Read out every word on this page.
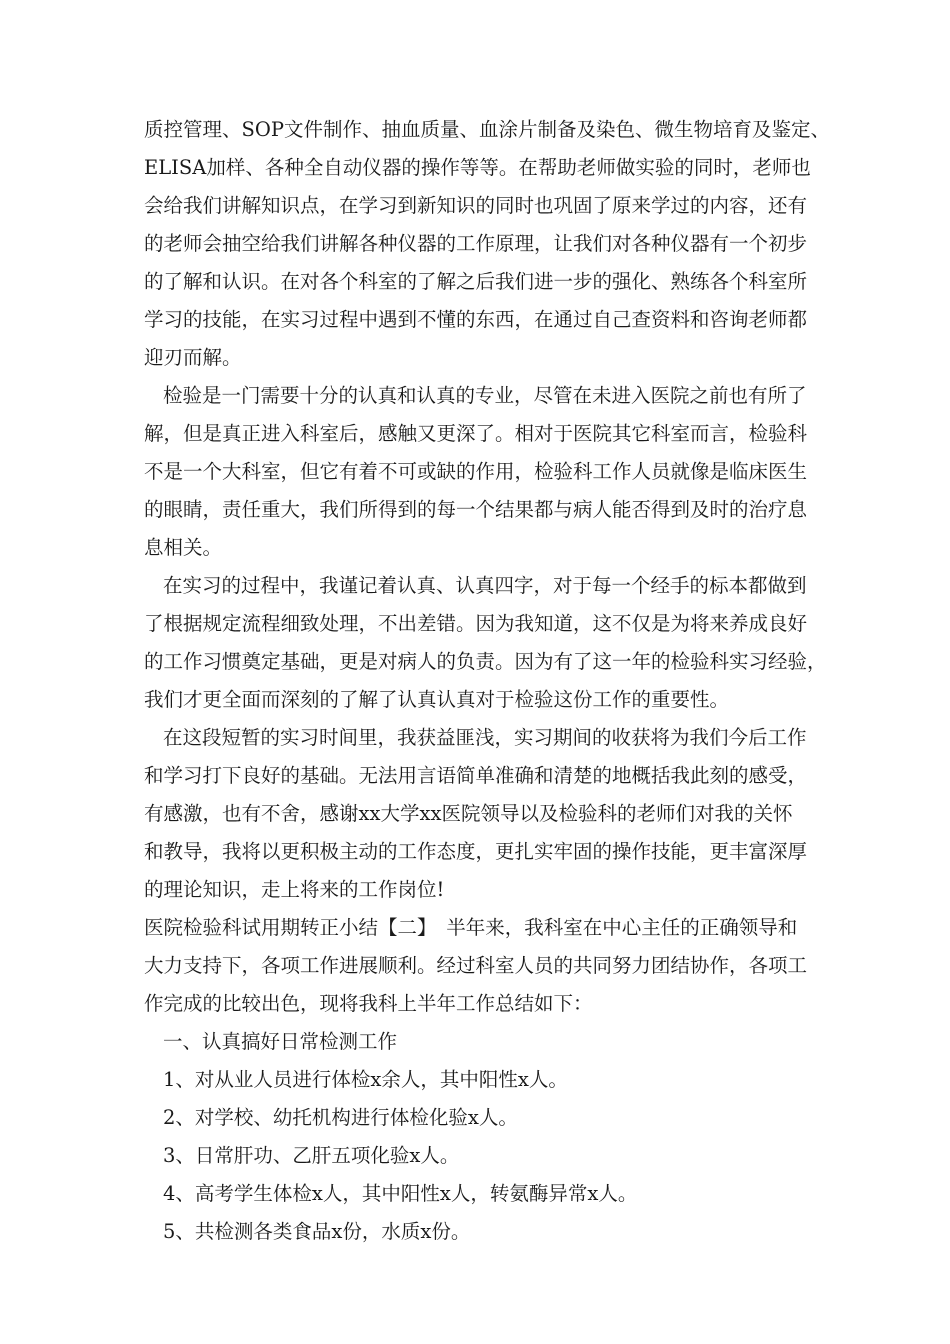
质控管理、SOP文件制作、抽血质量、血涂片制备及染色、微生物培育及鉴定、
ELISA加样、各种全自动仪器的操作等等。在帮助老师做实验的同时，老师也
会给我们讲解知识点，在学习到新知识的同时也巩固了原来学过的内容，还有
的老师会抽空给我们讲解各种仪器的工作原理，让我们对各种仪器有一个初步
的了解和认识。在对各个科室的了解之后我们进一步的强化、熟练各个科室所
学习的技能，在实习过程中遇到不懂的东西，在通过自己查资料和咨询老师都
迎刃而解。
检验是一门需要十分的认真和认真的专业，尽管在未进入医院之前也有所了
解，但是真正进入科室后，感触又更深了。相对于医院其它科室而言，检验科
不是一个大科室，但它有着不可或缺的作用，检验科工作人员就像是临床医生
的眼睛，责任重大，我们所得到的每一个结果都与病人能否得到及时的治疗息
息相关。
在实习的过程中，我谨记着认真、认真四字，对于每一个经手的标本都做到
了根据规定流程细致处理，不出差错。因为我知道，这不仅是为将来养成良好
的工作习惯奠定基础，更是对病人的负责。因为有了这一年的检验科实习经验，
我们才更全面而深刻的了解了认真认真对于检验这份工作的重要性。
在这段短暂的实习时间里，我获益匪浅，实习期间的收获将为我们今后工作
和学习打下良好的基础。无法用言语简单准确和清楚的地概括我此刻的感受，
有感激，也有不舍，感谢xx大学xx医院领导以及检验科的老师们对我的关怀
和教导，我将以更积极主动的工作态度，更扎实牢固的操作技能，更丰富深厚
的理论知识，走上将来的工作岗位!
医院检验科试用期转正小结【二】　半年来，我科室在中心主任的正确领导和
大力支持下，各项工作进展顺利。经过科室人员的共同努力团结协作，各项工
作完成的比较出色，现将我科上半年工作总结如下：
一、认真搞好日常检测工作
1、对从业人员进行体检x余人，其中阳性x人。
2、对学校、幼托机构进行体检化验x人。
3、日常肝功、乙肝五项化验x人。
4、高考学生体检x人，其中阳性x人，转氨酶异常x人。
5、共检测各类食品x份，水质x份。
